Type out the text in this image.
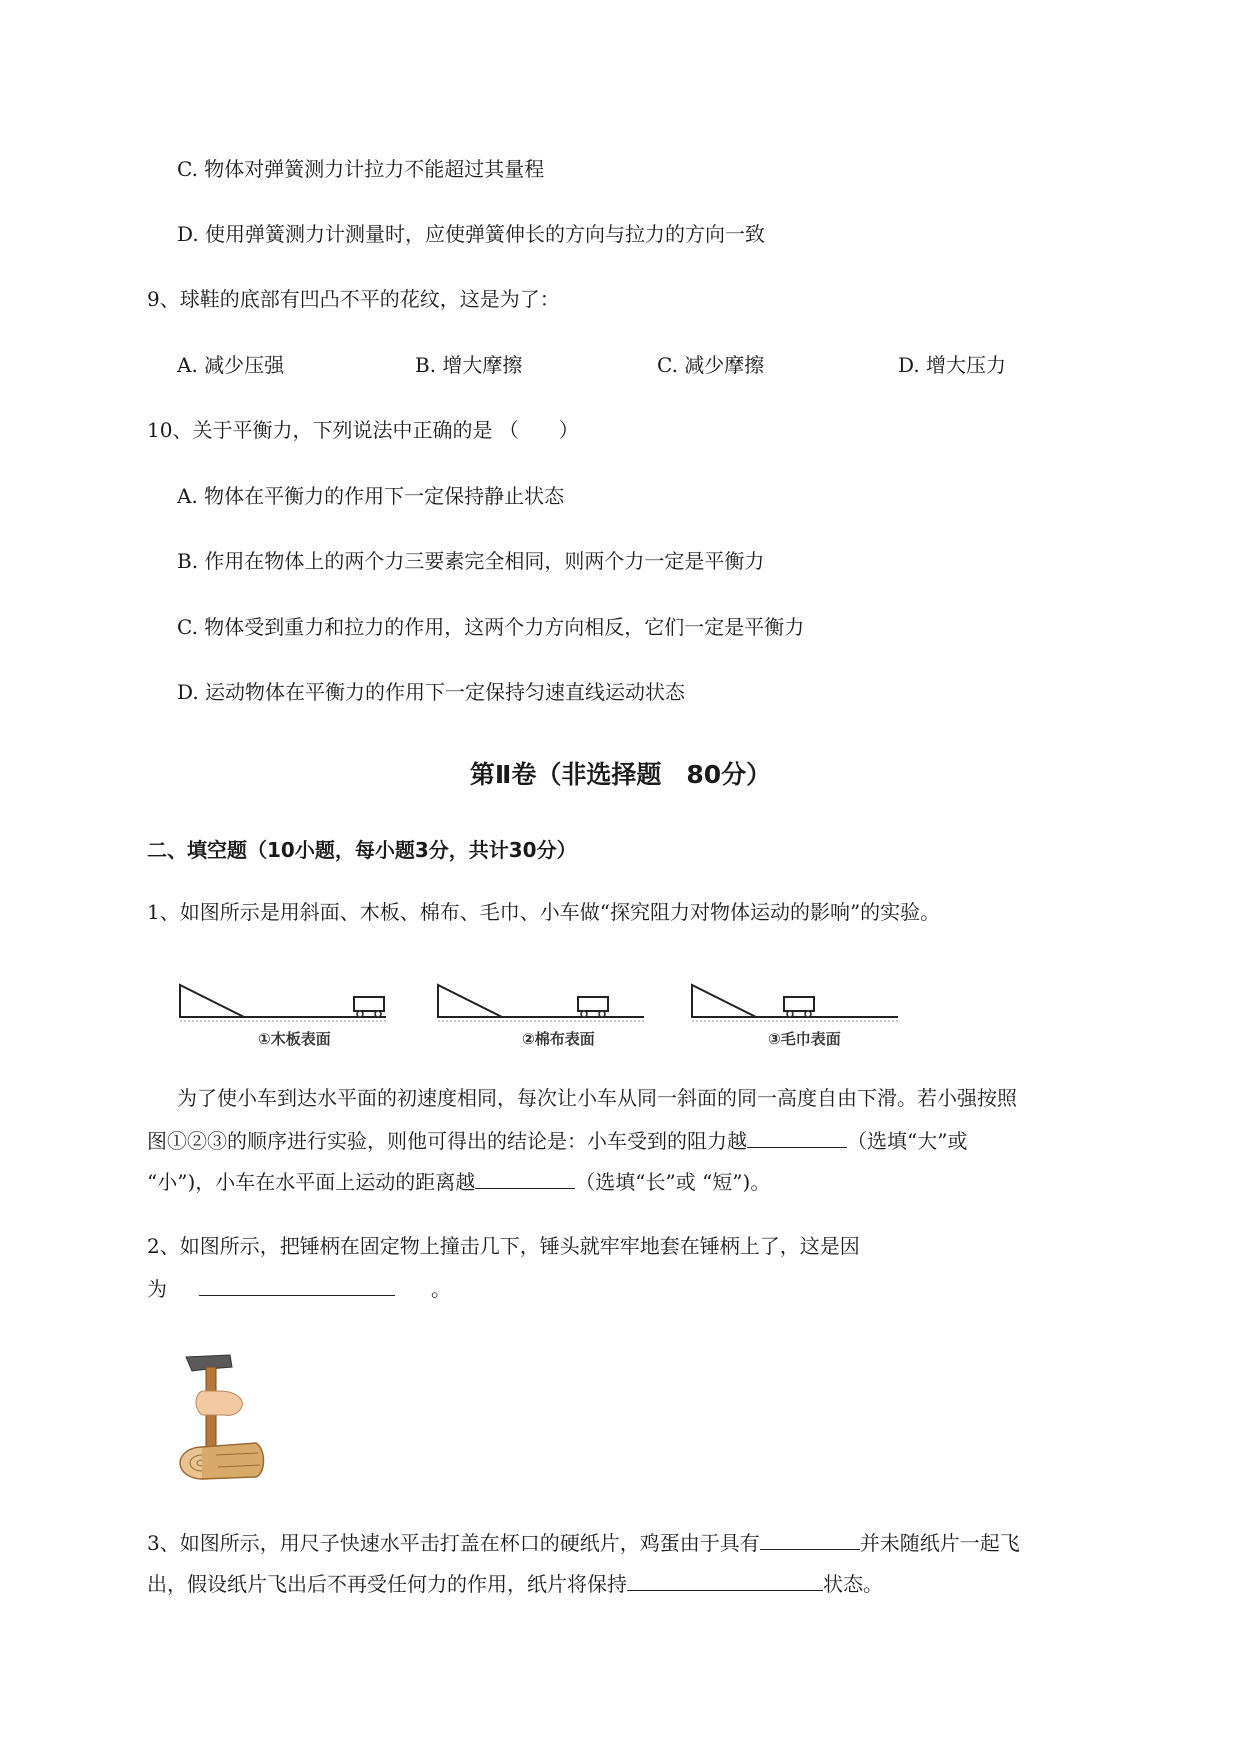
C. 物体对弹簧测力计拉力不能超过其量程
D. 使用弹簧测力计测量时，应使弹簧伸长的方向与拉力的方向一致
9、球鞋的底部有凹凸不平的花纹，这是为了：
A. 减少压强	B. 增大摩擦	C. 减少摩擦	D. 增大压力
10、关于平衡力，下列说法中正确的是 （　　）
A. 物体在平衡力的作用下一定保持静止状态
B. 作用在物体上的两个力三要素完全相同，则两个力一定是平衡力
C. 物体受到重力和拉力的作用，这两个力方向相反，它们一定是平衡力
D. 运动物体在平衡力的作用下一定保持匀速直线运动状态
第Ⅱ卷（非选择题　80分）
二、填空题（10小题，每小题3分，共计30分）
1、如图所示是用斜面、木板、棉布、毛巾、小车做“探究阻力对物体运动的影响”的实验。
①木板表面	②棉布表面	③毛巾表面
为了使小车到达水平面的初速度相同，每次让小车从同一斜面的同一高度自由下滑。若小强按照
图①②③的顺序进行实验，则他可得出的结论是：小车受到的阻力越	（选填“大”或
“小”)，小车在水平面上运动的距离越	（选填“长”或 “短”)。
2、如图所示，把锤柄在固定物上撞击几下，锤头就牢牢地套在锤柄上了，这是因
为	。
3、如图所示，用尺子快速水平击打盖在杯口的硬纸片，鸡蛋由于具有	并未随纸片一起飞
出，假设纸片飞出后不再受任何力的作用，纸片将保持	状态。
